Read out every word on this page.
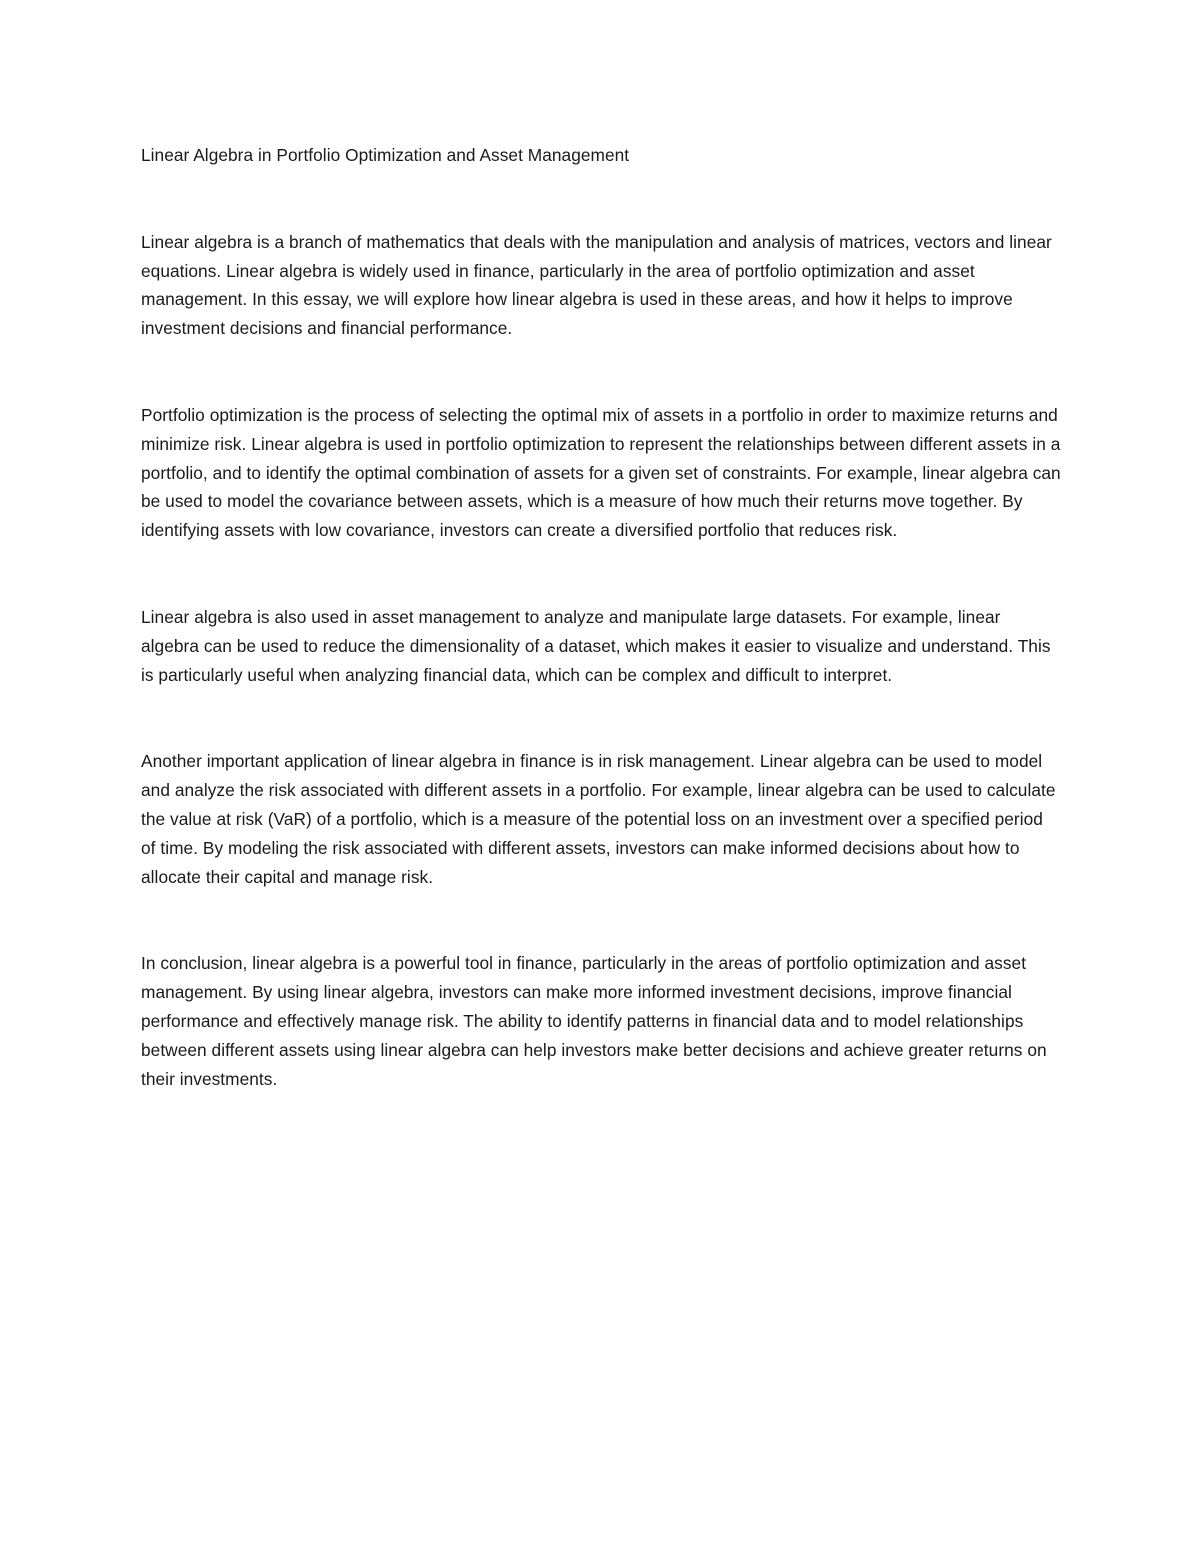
Linear Algebra in Portfolio Optimization and Asset Management

Linear algebra is a branch of mathematics that deals with the manipulation and analysis of matrices, vectors and linear equations. Linear algebra is widely used in finance, particularly in the area of portfolio optimization and asset management. In this essay, we will explore how linear algebra is used in these areas, and how it helps to improve investment decisions and financial performance.

Portfolio optimization is the process of selecting the optimal mix of assets in a portfolio in order to maximize returns and minimize risk. Linear algebra is used in portfolio optimization to represent the relationships between different assets in a portfolio, and to identify the optimal combination of assets for a given set of constraints. For example, linear algebra can be used to model the covariance between assets, which is a measure of how much their returns move together. By identifying assets with low covariance, investors can create a diversified portfolio that reduces risk.

Linear algebra is also used in asset management to analyze and manipulate large datasets. For example, linear algebra can be used to reduce the dimensionality of a dataset, which makes it easier to visualize and understand. This is particularly useful when analyzing financial data, which can be complex and difficult to interpret.

Another important application of linear algebra in finance is in risk management. Linear algebra can be used to model and analyze the risk associated with different assets in a portfolio. For example, linear algebra can be used to calculate the value at risk (VaR) of a portfolio, which is a measure of the potential loss on an investment over a specified period of time. By modeling the risk associated with different assets, investors can make informed decisions about how to allocate their capital and manage risk.

In conclusion, linear algebra is a powerful tool in finance, particularly in the areas of portfolio optimization and asset management. By using linear algebra, investors can make more informed investment decisions, improve financial performance and effectively manage risk. The ability to identify patterns in financial data and to model relationships between different assets using linear algebra can help investors make better decisions and achieve greater returns on their investments.
